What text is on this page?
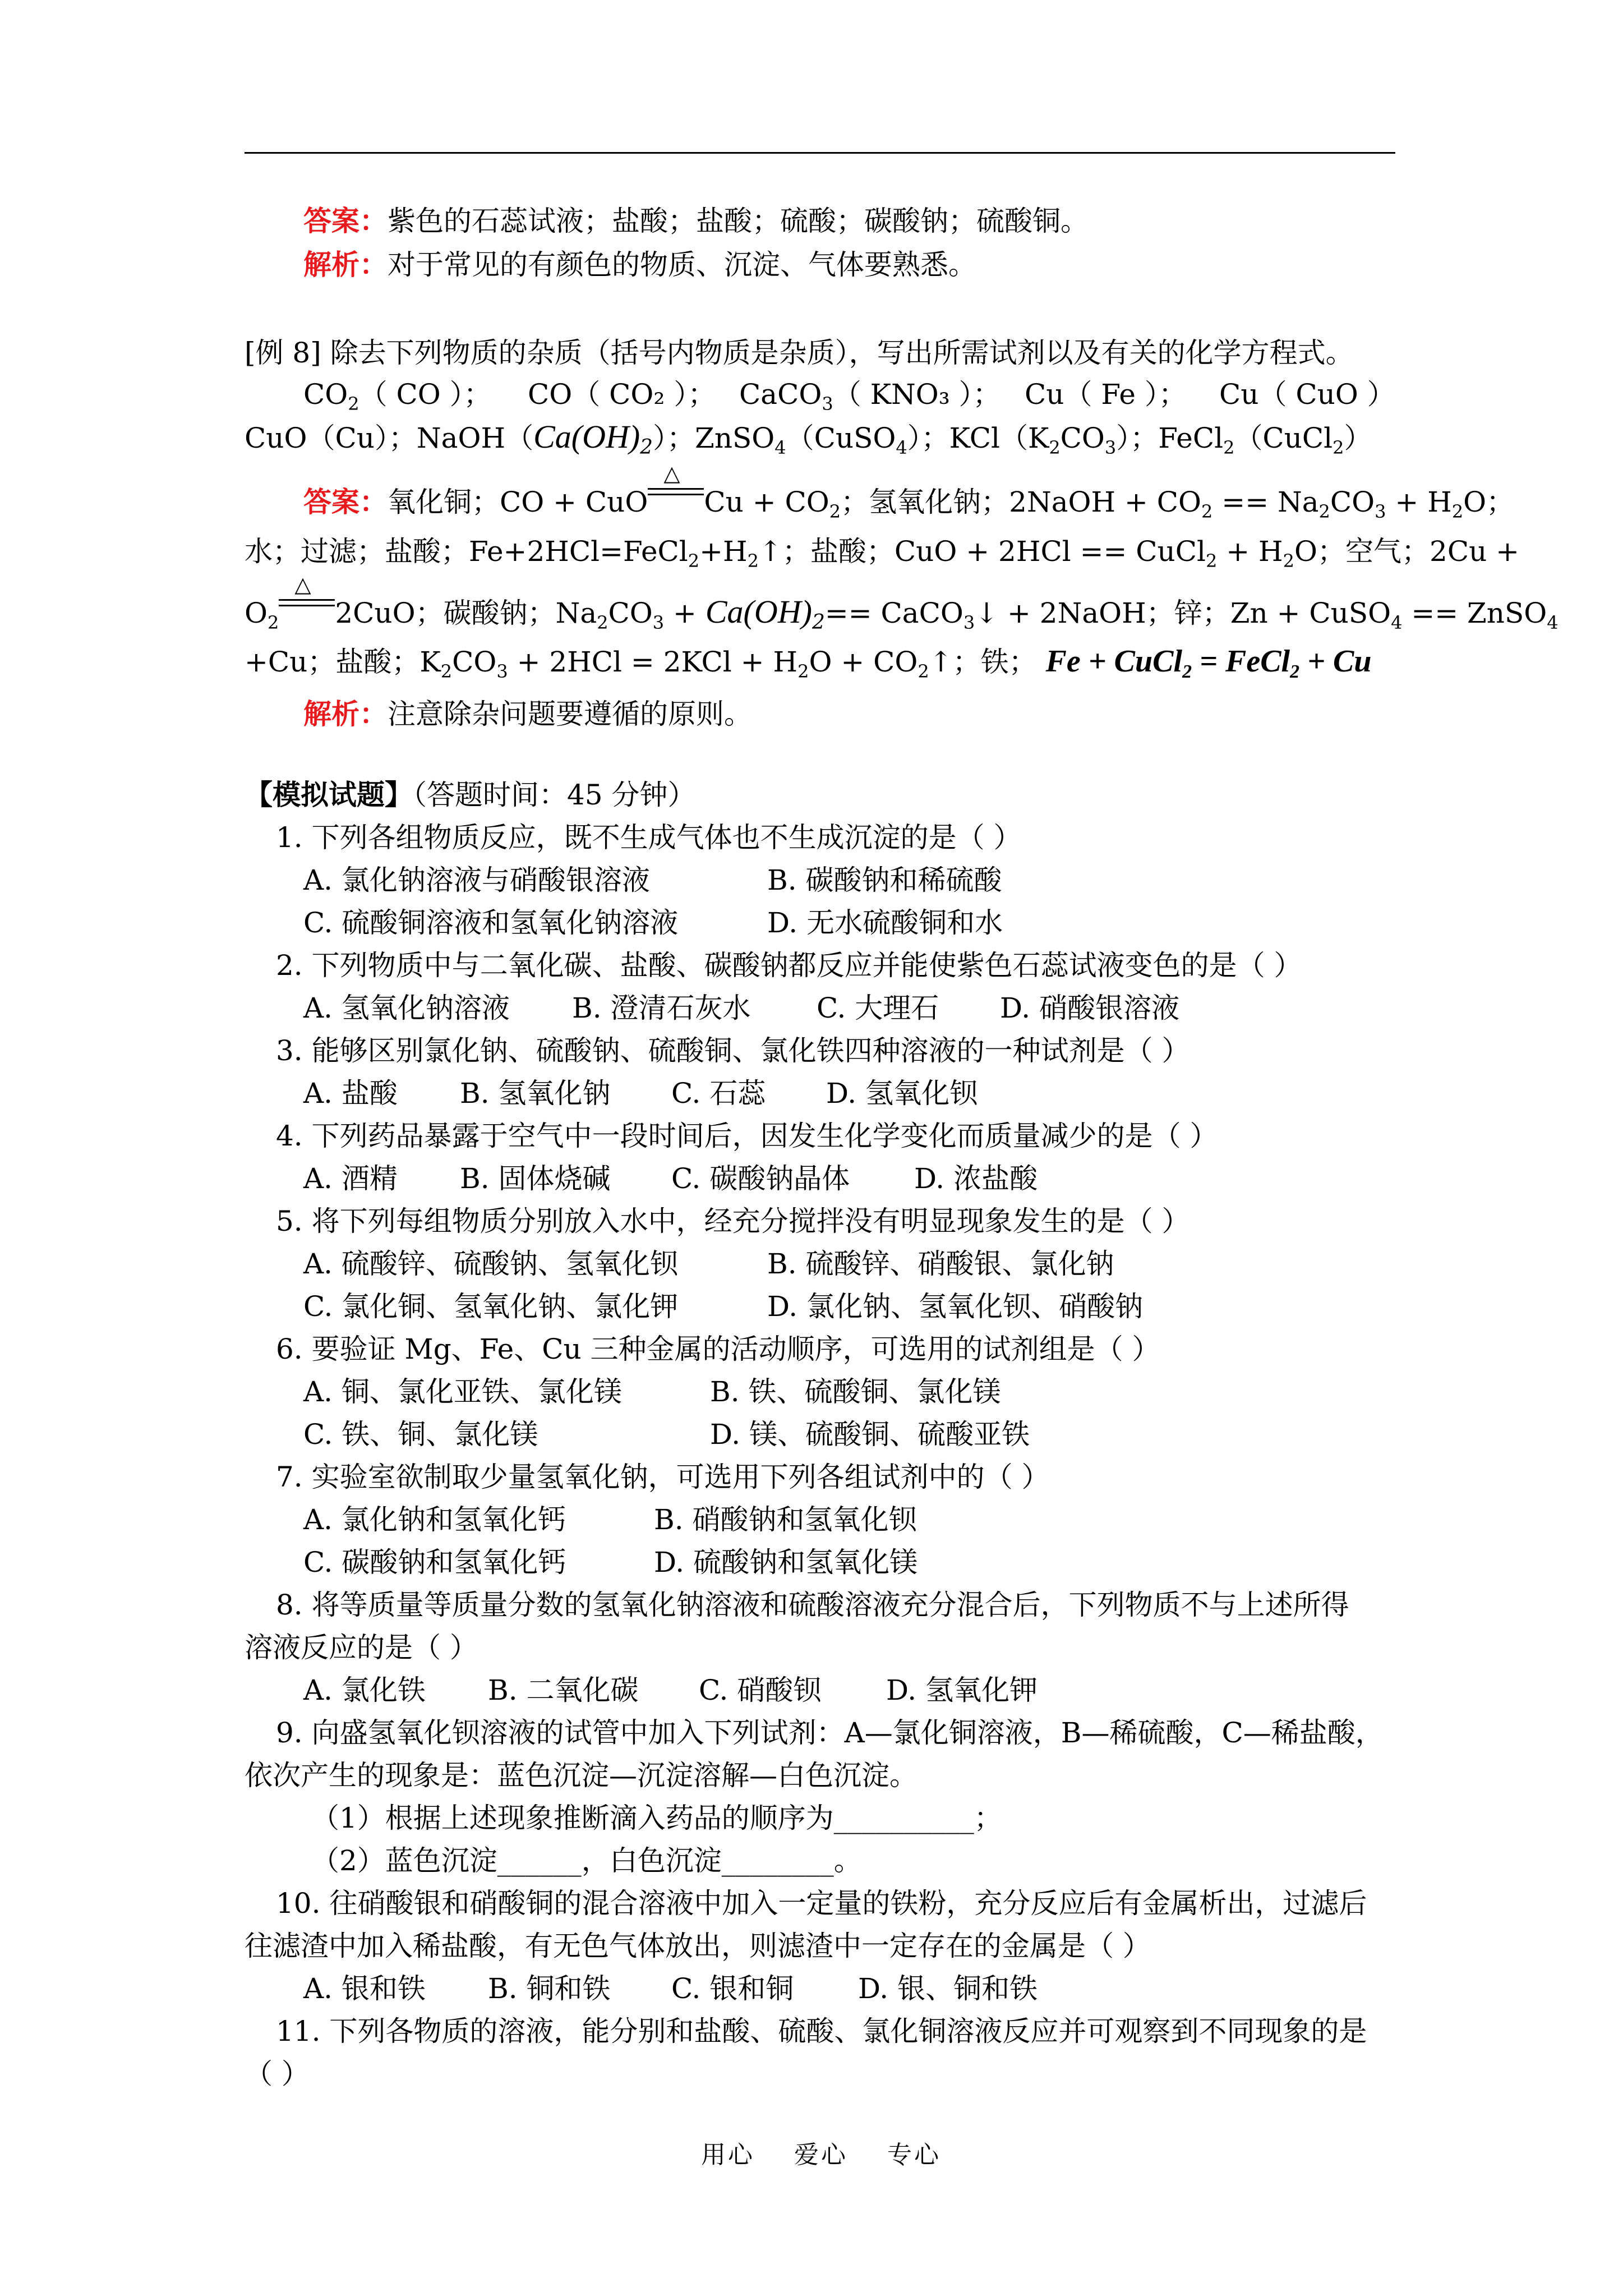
答案：紫色的石蕊试液；盐酸；盐酸；硫酸；碳酸钠；硫酸铜。
解析：对于常见的有颜色的物质、沉淀、气体要熟悉。
[例 8] 除去下列物质的杂质（括号内物质是杂质），写出所需试剂以及有关的化学方程式。
$CO_2$（ CO ）； CO（ CO₂ ）； CaCO$_3$（ KNO₃ ）； Cu（ Fe ）； Cu（ CuO ）
CuO（Cu）；$NaOH(Ca(OH)_2)$；ZnSO$_4$（CuSO$_4$）；$KCl(K_2CO_3)$；FeCl$_2$（CuCl$_2$）
答案：氧化铜；CO + CuO
△
$Cu + CO_2$；氢氧化钠；2NaOH + $CO_2 == Na_2CO_3 + H_2O$；
水；过滤；盐酸；$Fe+2HCl=FeCl_2+H_2↑$；盐酸；CuO + 2HCl == CuCl$_2$ + $H_2O$；空气；2Cu +
$O_2$
△
2CuO；碳酸钠；$Na_2CO_3 + Ca(OH)_2==$ CaCO$_3$↓ + 2NaOH；锌；Zn + CuSO$_4$ == ZnSO$_4$
+Cu；盐酸；$K_2CO_3 + 2HCl = 2KCl + H_2O$ + $CO_2↑$；铁； Fe + CuCl$_2$ = FeCl$_2$ + Cu
解析：注意除杂问题要遵循的原则。
【模拟试题】（答题时间：45 分钟）
1. 下列各组物质反应，既不生成气体也不生成沉淀的是（ ）
A. 氯化钠溶液与硝酸银溶液	B. 碳酸钠和稀硫酸
C. 硫酸铜溶液和氢氧化钠溶液	D. 无水硫酸铜和水
2. 下列物质中与二氧化碳、盐酸、碳酸钠都反应并能使紫色石蕊试液变色的是（ ）
A. 氢氧化钠溶液 B. 澄清石灰水 C. 大理石 D. 硝酸银溶液
3. 能够区别氯化钠、硫酸钠、硫酸铜、氯化铁四种溶液的一种试剂是（ ）
A. 盐酸 B. 氢氧化钠 C. 石蕊 D. 氢氧化钡
4. 下列药品暴露于空气中一段时间后，因发生化学变化而质量减少的是（ ）
A. 酒精 B. 固体烧碱 C. 碳酸钠晶体 D. 浓盐酸
5. 将下列每组物质分别放入水中，经充分搅拌没有明显现象发生的是（ ）
A. 硫酸锌、硫酸钠、氢氧化钡	B. 硫酸锌、硝酸银、氯化钠
C. 氯化铜、氢氧化钠、氯化钾	D. 氯化钠、氢氧化钡、硝酸钠
6. 要验证 Mg、Fe、Cu 三种金属的活动顺序，可选用的试剂组是（ ）
A. 铜、氯化亚铁、氯化镁	B. 铁、硫酸铜、氯化镁
C. 铁、铜、氯化镁	D. 镁、硫酸铜、硫酸亚铁
7. 实验室欲制取少量氢氧化钠，可选用下列各组试剂中的（ ）
A. 氯化钠和氢氧化钙	B. 硝酸钠和氢氧化钡
C. 碳酸钠和氢氧化钙	D. 硫酸钠和氢氧化镁
8. 将等质量等质量分数的氢氧化钠溶液和硫酸溶液充分混合后，下列物质不与上述所得
溶液反应的是（ ）
A. 氯化铁 B. 二氧化碳 C. 硝酸钡 D. 氢氧化钾
9. 向盛氢氧化钡溶液的试管中加入下列试剂：A—氯化铜溶液，B—稀硫酸，C—稀盐酸，
依次产生的现象是：蓝色沉淀—沉淀溶解—白色沉淀。
（1）根据上述现象推断滴入药品的顺序为__________；
（2）蓝色沉淀______，白色沉淀________。
10. 往硝酸银和硝酸铜的混合溶液中加入一定量的铁粉，充分反应后有金属析出，过滤后
往滤渣中加入稀盐酸，有无色气体放出，则滤渣中一定存在的金属是（ ）
A. 银和铁 B. 铜和铁 C. 银和铜 D. 银、铜和铁
11. 下列各物质的溶液，能分别和盐酸、硫酸、氯化铜溶液反应并可观察到不同现象的是
（ ）
用心 爱心 专心
